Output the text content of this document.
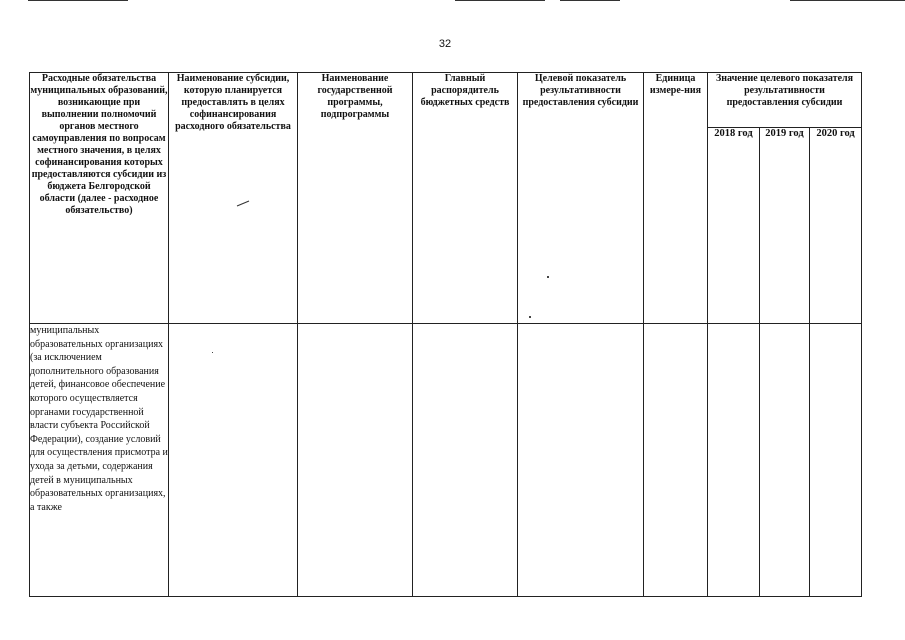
32
Расходные обязательства муниципальных образований, возникающие при выполнении полномочий органов местного самоуправления по вопросам местного значения, в целях софинансирования которых предоставляются субсидии из бюджета Белгородской области (далее - расходное обязательство)	Наименование субсидии, которую планируется предоставлять в целях софинансирования расходного обязательства	Наименование государственной программы, подпрограммы	Главный распорядитель бюджетных средств	Целевой показатель результативности предоставления субсидии	Единица измере-ния	Значение целевого показателя результативности предоставления субсидии		
						2018 год	2019 год	2020 год
муниципальных образовательных организациях (за исключением дополнительного образования детей, финансовое обеспечение которого осуществляется органами государственной власти субъекта Российской Федерации), создание условий для осуществления присмотра и ухода за детьми, содержания детей в муниципальных образовательных организациях, а также								
